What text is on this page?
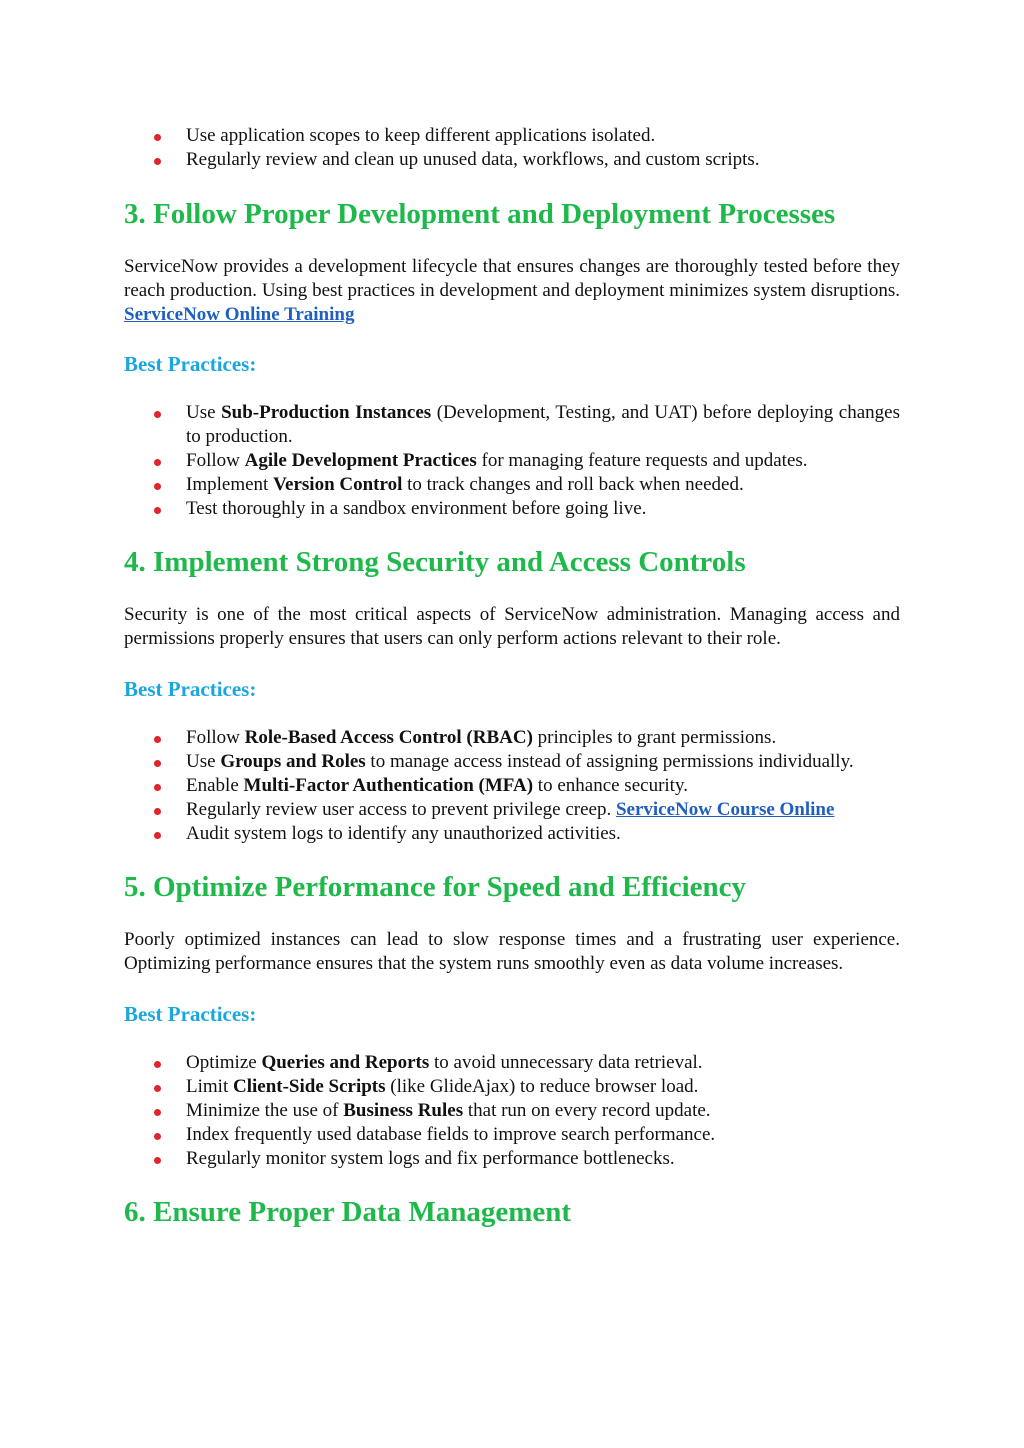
Use application scopes to keep different applications isolated.
Regularly review and clean up unused data, workflows, and custom scripts.
3. Follow Proper Development and Deployment Processes

ServiceNow provides a development lifecycle that ensures changes are thoroughly tested before they reach production. Using best practices in development and deployment minimizes system disruptions. ServiceNow Online Training

Best Practices:
Use Sub-Production Instances (Development, Testing, and UAT) before deploying changes to production.
Follow Agile Development Practices for managing feature requests and updates.
Implement Version Control to track changes and roll back when needed.
Test thoroughly in a sandbox environment before going live.
4. Implement Strong Security and Access Controls

Security is one of the most critical aspects of ServiceNow administration. Managing access and permissions properly ensures that users can only perform actions relevant to their role.

Best Practices:
Follow Role-Based Access Control (RBAC) principles to grant permissions.
Use Groups and Roles to manage access instead of assigning permissions individually.
Enable Multi-Factor Authentication (MFA) to enhance security.
Regularly review user access to prevent privilege creep. ServiceNow Course Online
Audit system logs to identify any unauthorized activities.
5. Optimize Performance for Speed and Efficiency

Poorly optimized instances can lead to slow response times and a frustrating user experience. Optimizing performance ensures that the system runs smoothly even as data volume increases.

Best Practices:
Optimize Queries and Reports to avoid unnecessary data retrieval.
Limit Client-Side Scripts (like GlideAjax) to reduce browser load.
Minimize the use of Business Rules that run on every record update.
Index frequently used database fields to improve search performance.
Regularly monitor system logs and fix performance bottlenecks.
6. Ensure Proper Data Management
